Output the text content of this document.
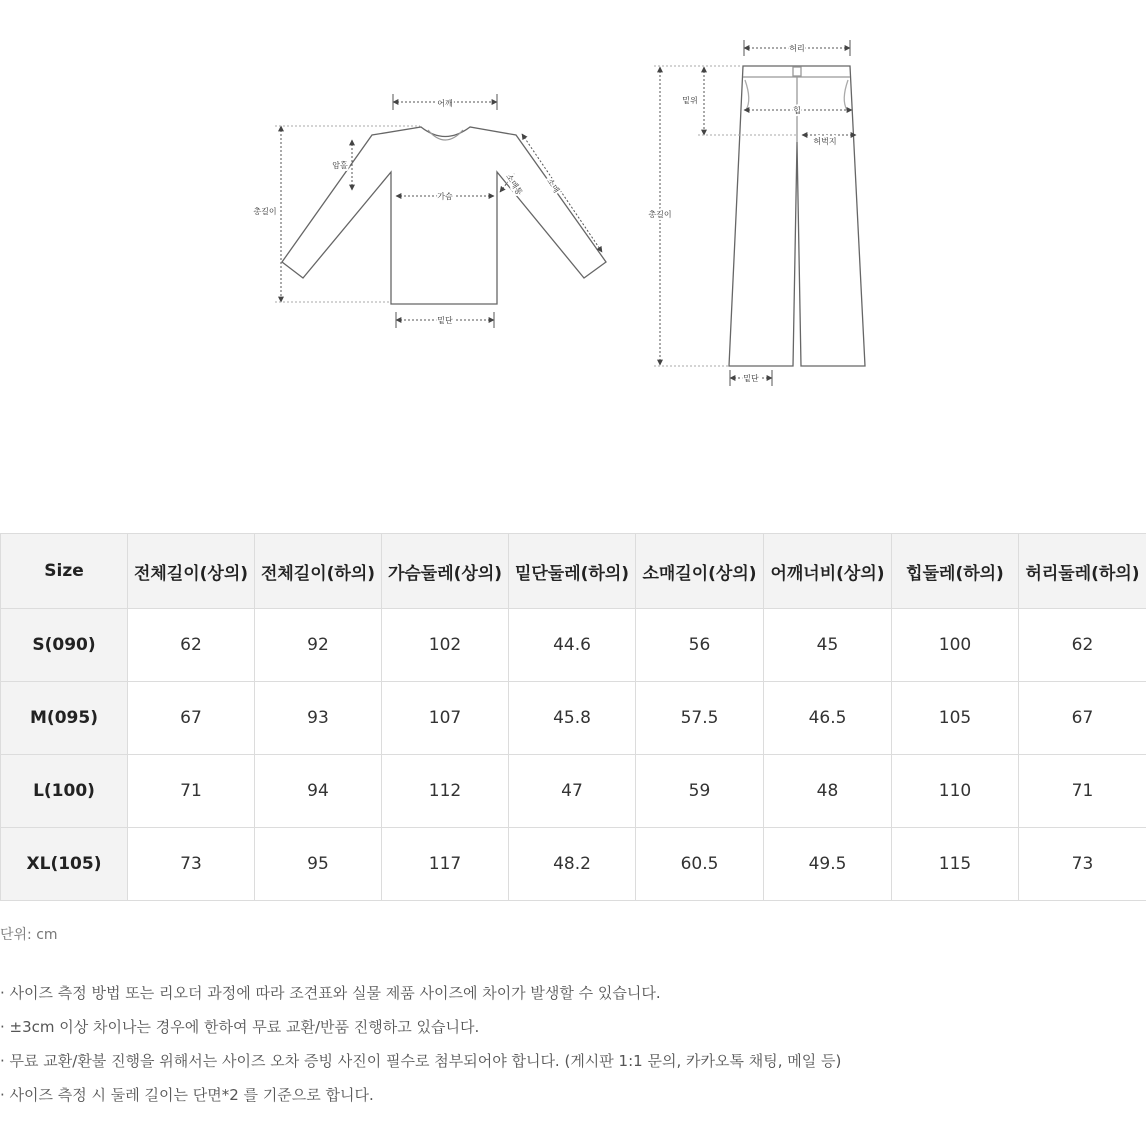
어깨
암홀
총길이
가슴	소매통	소매
밑단
허리
밑위
힙
허벅지
총길이
밑단
Size	전체길이(상의)	전체길이(하의)	가슴둘레(상의)	밑단둘레(하의)	소매길이(상의)	어깨너비(상의)	힙둘레(하의)	허리둘레(하의)
S(090)	62	92	102	44.6	56	45	100	62
M(095)	67	93	107	45.8	57.5	46.5	105	67
L(100)	71	94	112	47	59	48	110	71
XL(105)	73	95	117	48.2	60.5	49.5	115	73
단위: cm
· 사이즈 측정 방법 또는 리오더 과정에 따라 조견표와 실물 제품 사이즈에 차이가 발생할 수 있습니다.
· ±3cm 이상 차이나는 경우에 한하여 무료 교환/반품 진행하고 있습니다.
· 무료 교환/환불 진행을 위해서는 사이즈 오차 증빙 사진이 필수로 첨부되어야 합니다. (게시판 1:1 문의, 카카오톡 채팅, 메일 등)
· 사이즈 측정 시 둘레 길이는 단면*2 를 기준으로 합니다.
